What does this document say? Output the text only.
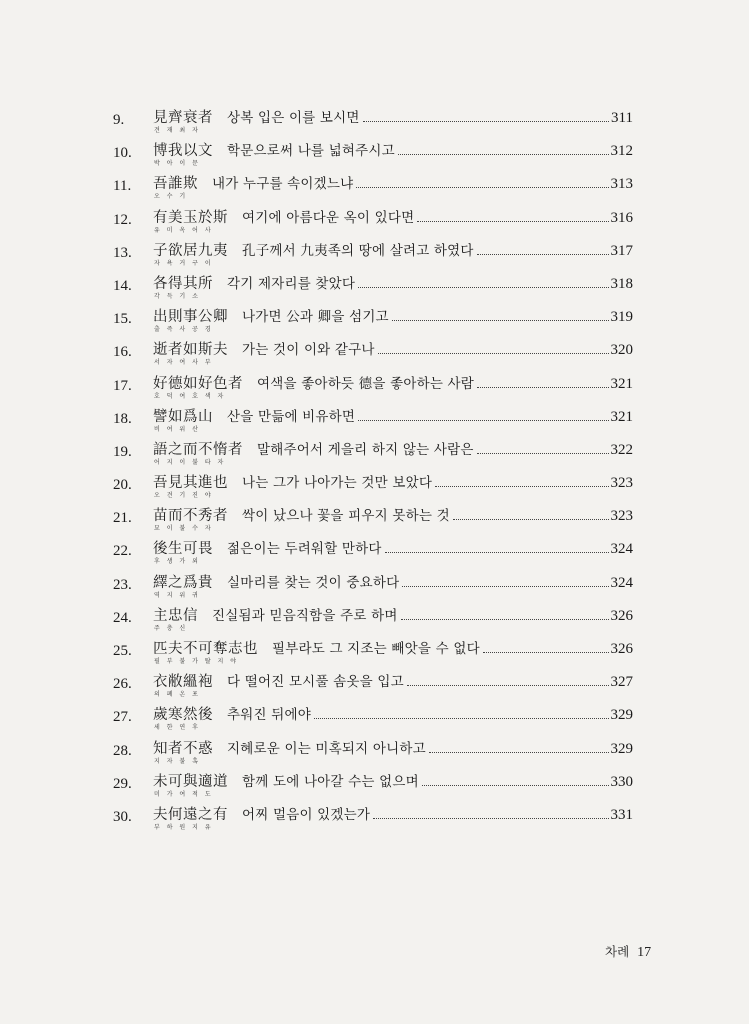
9. 見齊衰者
견 재 최 자
상복 입은 이를 보시면	311
10. 博我以文
박 아 이 문
학문으로써 나를 넓혀주시고	312
11. 吾誰欺
오 수 기
내가 누구를 속이겠느냐	313
12. 有美玉於斯
유 미 옥 어 사
여기에 아름다운 옥이 있다면	316
13. 子欲居九夷
자 욕 거 구 이
孔子께서 九夷족의 땅에 살려고 하였다	317
14. 各得其所
각 득 기 소
각기 제자리를 찾았다	318
15. 出則事公卿
출 즉 사 공 경
나가면 公과 卿을 섬기고	319
16. 逝者如斯夫
서 자 여 사 부
가는 것이 이와 같구나	320
17. 好德如好色者
호 덕 여 호 색 자
여색을 좋아하듯 德을 좋아하는 사람	321
18. 譬如爲山
비 여 위 산
산을 만듦에 비유하면	321
19. 語之而不惰者
어 지 이 불 타 자
말해주어서 게을리 하지 않는 사람은	322
20. 吾見其進也
오 견 기 진 야
나는 그가 나아가는 것만 보았다	323
21. 苗而不秀者
묘 이 불 수 자
싹이 났으나 꽃을 피우지 못하는 것	323
22. 後生可畏
후 생 가 외
젊은이는 두려워할 만하다	324
23. 繹之爲貴
역 지 위 귀
실마리를 찾는 것이 중요하다	324
24. 主忠信
주 충 신
진실됨과 믿음직함을 주로 하며	326
25. 匹夫不可奪志也
필 부 불 가 탈 지 야
필부라도 그 지조는 빼앗을 수 없다	326
26. 衣敝縕袍
의 폐 온 포
다 떨어진 모시풀 솜옷을 입고	327
27. 歲寒然後
세 한 연 후
추워진 뒤에야	329
28. 知者不惑
지 자 불 혹
지혜로운 이는 미혹되지 아니하고	329
29. 未可與適道
미 가 여 적 도
함께 도에 나아갈 수는 없으며	330
30. 夫何遠之有
부 하 원 지 유
어찌 멀음이 있겠는가	331
차례 17
